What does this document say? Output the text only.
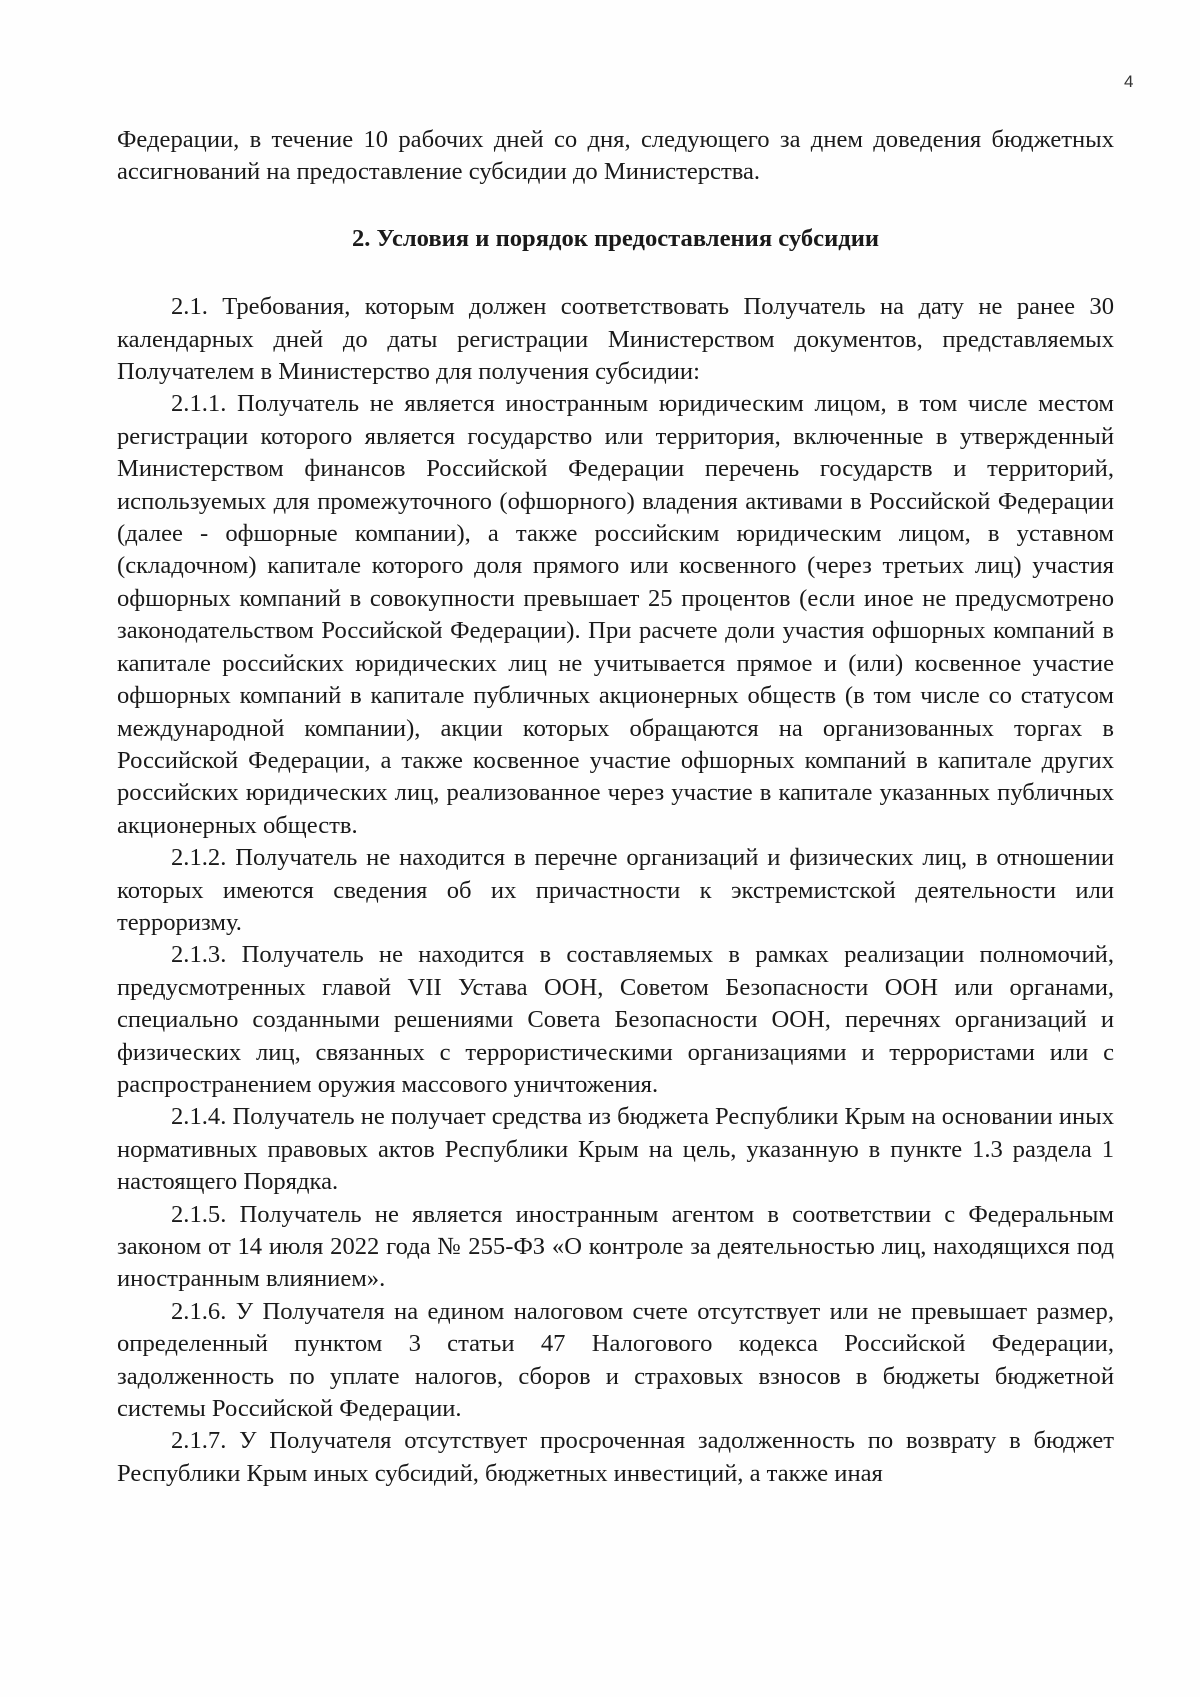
4

Федерации, в течение 10 рабочих дней со дня, следующего за днем доведения бюджетных ассигнований на предоставление субсидии до Министерства.

2. Условия и порядок предоставления субсидии

2.1. Требования, которым должен соответствовать Получатель на дату не ранее 30 календарных дней до даты регистрации Министерством документов, представляемых Получателем в Министерство для получения субсидии:

2.1.1. Получатель не является иностранным юридическим лицом, в том числе местом регистрации которого является государство или территория, включенные в утвержденный Министерством финансов Российской Федерации перечень государств и территорий, используемых для промежуточного (офшорного) владения активами в Российской Федерации (далее - офшорные компании), а также российским юридическим лицом, в уставном (складочном) капитале которого доля прямого или косвенного (через третьих лиц) участия офшорных компаний в совокупности превышает 25 процентов (если иное не предусмотрено законодательством Российской Федерации). При расчете доли участия офшорных компаний в капитале российских юридических лиц не учитывается прямое и (или) косвенное участие офшорных компаний в капитале публичных акционерных обществ (в том числе со статусом международной компании), акции которых обращаются на организованных торгах в Российской Федерации, а также косвенное участие офшорных компаний в капитале других российских юридических лиц, реализованное через участие в капитале указанных публичных акционерных обществ.

2.1.2. Получатель не находится в перечне организаций и физических лиц, в отношении которых имеются сведения об их причастности к экстремистской деятельности или терроризму.

2.1.3. Получатель не находится в составляемых в рамках реализации полномочий, предусмотренных главой VII Устава ООН, Советом Безопасности ООН или органами, специально созданными решениями Совета Безопасности ООН, перечнях организаций и физических лиц, связанных с террористическими организациями и террористами или с распространением оружия массового уничтожения.

2.1.4. Получатель не получает средства из бюджета Республики Крым на основании иных нормативных правовых актов Республики Крым на цель, указанную в пункте 1.3 раздела 1 настоящего Порядка.

2.1.5. Получатель не является иностранным агентом в соответствии с Федеральным законом от 14 июля 2022 года № 255-ФЗ «О контроле за деятельностью лиц, находящихся под иностранным влиянием».

2.1.6. У Получателя на едином налоговом счете отсутствует или не превышает размер, определенный пунктом 3 статьи 47 Налогового кодекса Российской Федерации, задолженность по уплате налогов, сборов и страховых взносов в бюджеты бюджетной системы Российской Федерации.

2.1.7. У Получателя отсутствует просроченная задолженность по возврату в бюджет Республики Крым иных субсидий, бюджетных инвестиций, а также иная
